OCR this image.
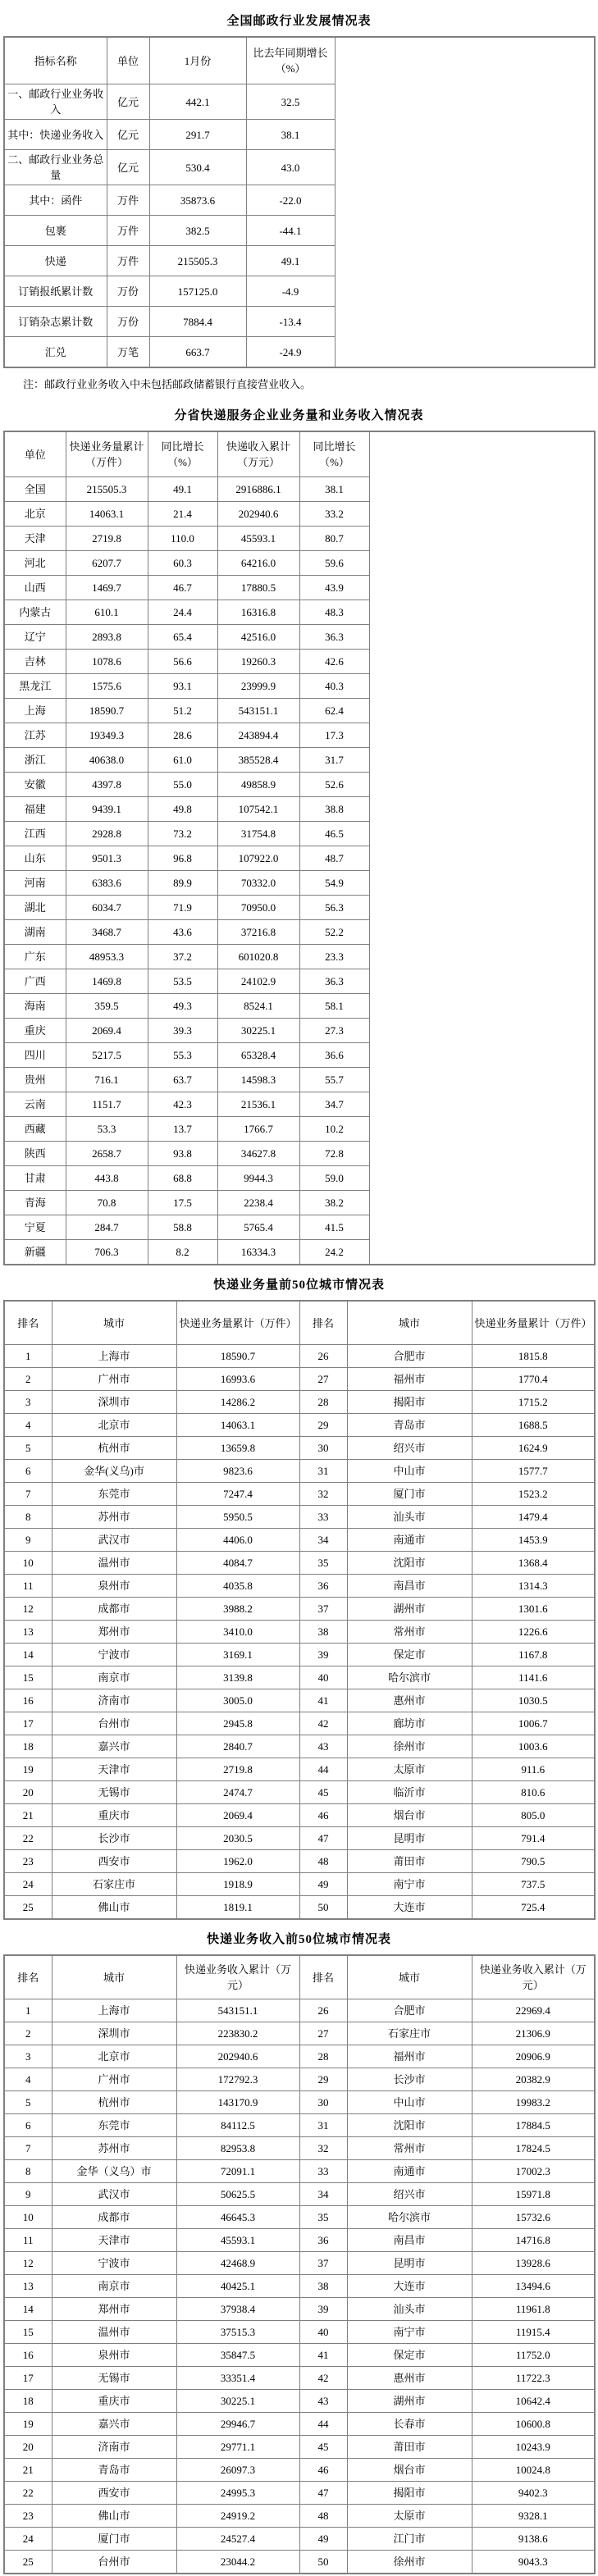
全国邮政行业发展情况表
指标名称	单位	1月份	比去年同期增长（%）	
一、邮政行业业务收入	亿元	442.1	32.5	
其中：快递业务收入	亿元	291.7	38.1	
二、邮政行业业务总量	亿元	530.4	43.0	
其中：函件	万件	35873.6	-22.0	
包裹	万件	382.5	-44.1	
快递	万件	215505.3	49.1	
订销报纸累计数	万份	157125.0	-4.9	
订销杂志累计数	万份	7884.4	-13.4	
汇兑	万笔	663.7	-24.9	

注：邮政行业业务收入中未包括邮政储蓄银行直接营业收入。

分省快递服务企业业务量和业务收入情况表
单位	快递业务量累计（万件）	同比增长（%）	快递收入累计（万元）	同比增长（%）	
全国	215505.3	49.1	2916886.1	38.1	
北京	14063.1	21.4	202940.6	33.2	
天津	2719.8	110.0	45593.1	80.7	
河北	6207.7	60.3	64216.0	59.6	
山西	1469.7	46.7	17880.5	43.9	
内蒙古	610.1	24.4	16316.8	48.3	
辽宁	2893.8	65.4	42516.0	36.3	
吉林	1078.6	56.6	19260.3	42.6	
黑龙江	1575.6	93.1	23999.9	40.3	
上海	18590.7	51.2	543151.1	62.4	
江苏	19349.3	28.6	243894.4	17.3	
浙江	40638.0	61.0	385528.4	31.7	
安徽	4397.8	55.0	49858.9	52.6	
福建	9439.1	49.8	107542.1	38.8	
江西	2928.8	73.2	31754.8	46.5	
山东	9501.3	96.8	107922.0	48.7	
河南	6383.6	89.9	70332.0	54.9	
湖北	6034.7	71.9	70950.0	56.3	
湖南	3468.7	43.6	37216.8	52.2	
广东	48953.3	37.2	601020.8	23.3	
广西	1469.8	53.5	24102.9	36.3	
海南	359.5	49.3	8524.1	58.1	
重庆	2069.4	39.3	30225.1	27.3	
四川	5217.5	55.3	65328.4	36.6	
贵州	716.1	63.7	14598.3	55.7	
云南	1151.7	42.3	21536.1	34.7	
西藏	53.3	13.7	1766.7	10.2	
陕西	2658.7	93.8	34627.8	72.8	
甘肃	443.8	68.8	9944.3	59.0	
青海	70.8	17.5	2238.4	38.2	
宁夏	284.7	58.8	5765.4	41.5	
新疆	706.3	8.2	16334.3	24.2	
快递业务量前50位城市情况表
排名	城市	快递业务量累计（万件）	排名	城市	快递业务量累计（万件）
1	上海市	18590.7	26	合肥市	1815.8
2	广州市	16993.6	27	福州市	1770.4
3	深圳市	14286.2	28	揭阳市	1715.2
4	北京市	14063.1	29	青岛市	1688.5
5	杭州市	13659.8	30	绍兴市	1624.9
6	金华(义乌)市	9823.6	31	中山市	1577.7
7	东莞市	7247.4	32	厦门市	1523.2
8	苏州市	5950.5	33	汕头市	1479.4
9	武汉市	4406.0	34	南通市	1453.9
10	温州市	4084.7	35	沈阳市	1368.4
11	泉州市	4035.8	36	南昌市	1314.3
12	成都市	3988.2	37	湖州市	1301.6
13	郑州市	3410.0	38	常州市	1226.6
14	宁波市	3169.1	39	保定市	1167.8
15	南京市	3139.8	40	哈尔滨市	1141.6
16	济南市	3005.0	41	惠州市	1030.5
17	台州市	2945.8	42	廊坊市	1006.7
18	嘉兴市	2840.7	43	徐州市	1003.6
19	天津市	2719.8	44	太原市	911.6
20	无锡市	2474.7	45	临沂市	810.6
21	重庆市	2069.4	46	烟台市	805.0
22	长沙市	2030.5	47	昆明市	791.4
23	西安市	1962.0	48	莆田市	790.5
24	石家庄市	1918.9	49	南宁市	737.5
25	佛山市	1819.1	50	大连市	725.4
快递业务收入前50位城市情况表
排名	城市	快递业务收入累计（万元）	排名	城市	快递业务收入累计（万元）
1	上海市	543151.1	26	合肥市	22969.4
2	深圳市	223830.2	27	石家庄市	21306.9
3	北京市	202940.6	28	福州市	20906.9
4	广州市	172792.3	29	长沙市	20382.9
5	杭州市	143170.9	30	中山市	19983.2
6	东莞市	84112.5	31	沈阳市	17884.5
7	苏州市	82953.8	32	常州市	17824.5
8	金华（义乌）市	72091.1	33	南通市	17002.3
9	武汉市	50625.5	34	绍兴市	15971.8
10	成都市	46645.3	35	哈尔滨市	15732.6
11	天津市	45593.1	36	南昌市	14716.8
12	宁波市	42468.9	37	昆明市	13928.6
13	南京市	40425.1	38	大连市	13494.6
14	郑州市	37938.4	39	汕头市	11961.8
15	温州市	37515.3	40	南宁市	11915.4
16	泉州市	35847.5	41	保定市	11752.0
17	无锡市	33351.4	42	惠州市	11722.3
18	重庆市	30225.1	43	湖州市	10642.4
19	嘉兴市	29946.7	44	长春市	10600.8
20	济南市	29771.1	45	莆田市	10243.9
21	青岛市	26097.3	46	烟台市	10024.8
22	西安市	24995.3	47	揭阳市	9402.3
23	佛山市	24919.2	48	太原市	9328.1
24	厦门市	24527.4	49	江门市	9138.6
25	台州市	23044.2	50	徐州市	9043.3
